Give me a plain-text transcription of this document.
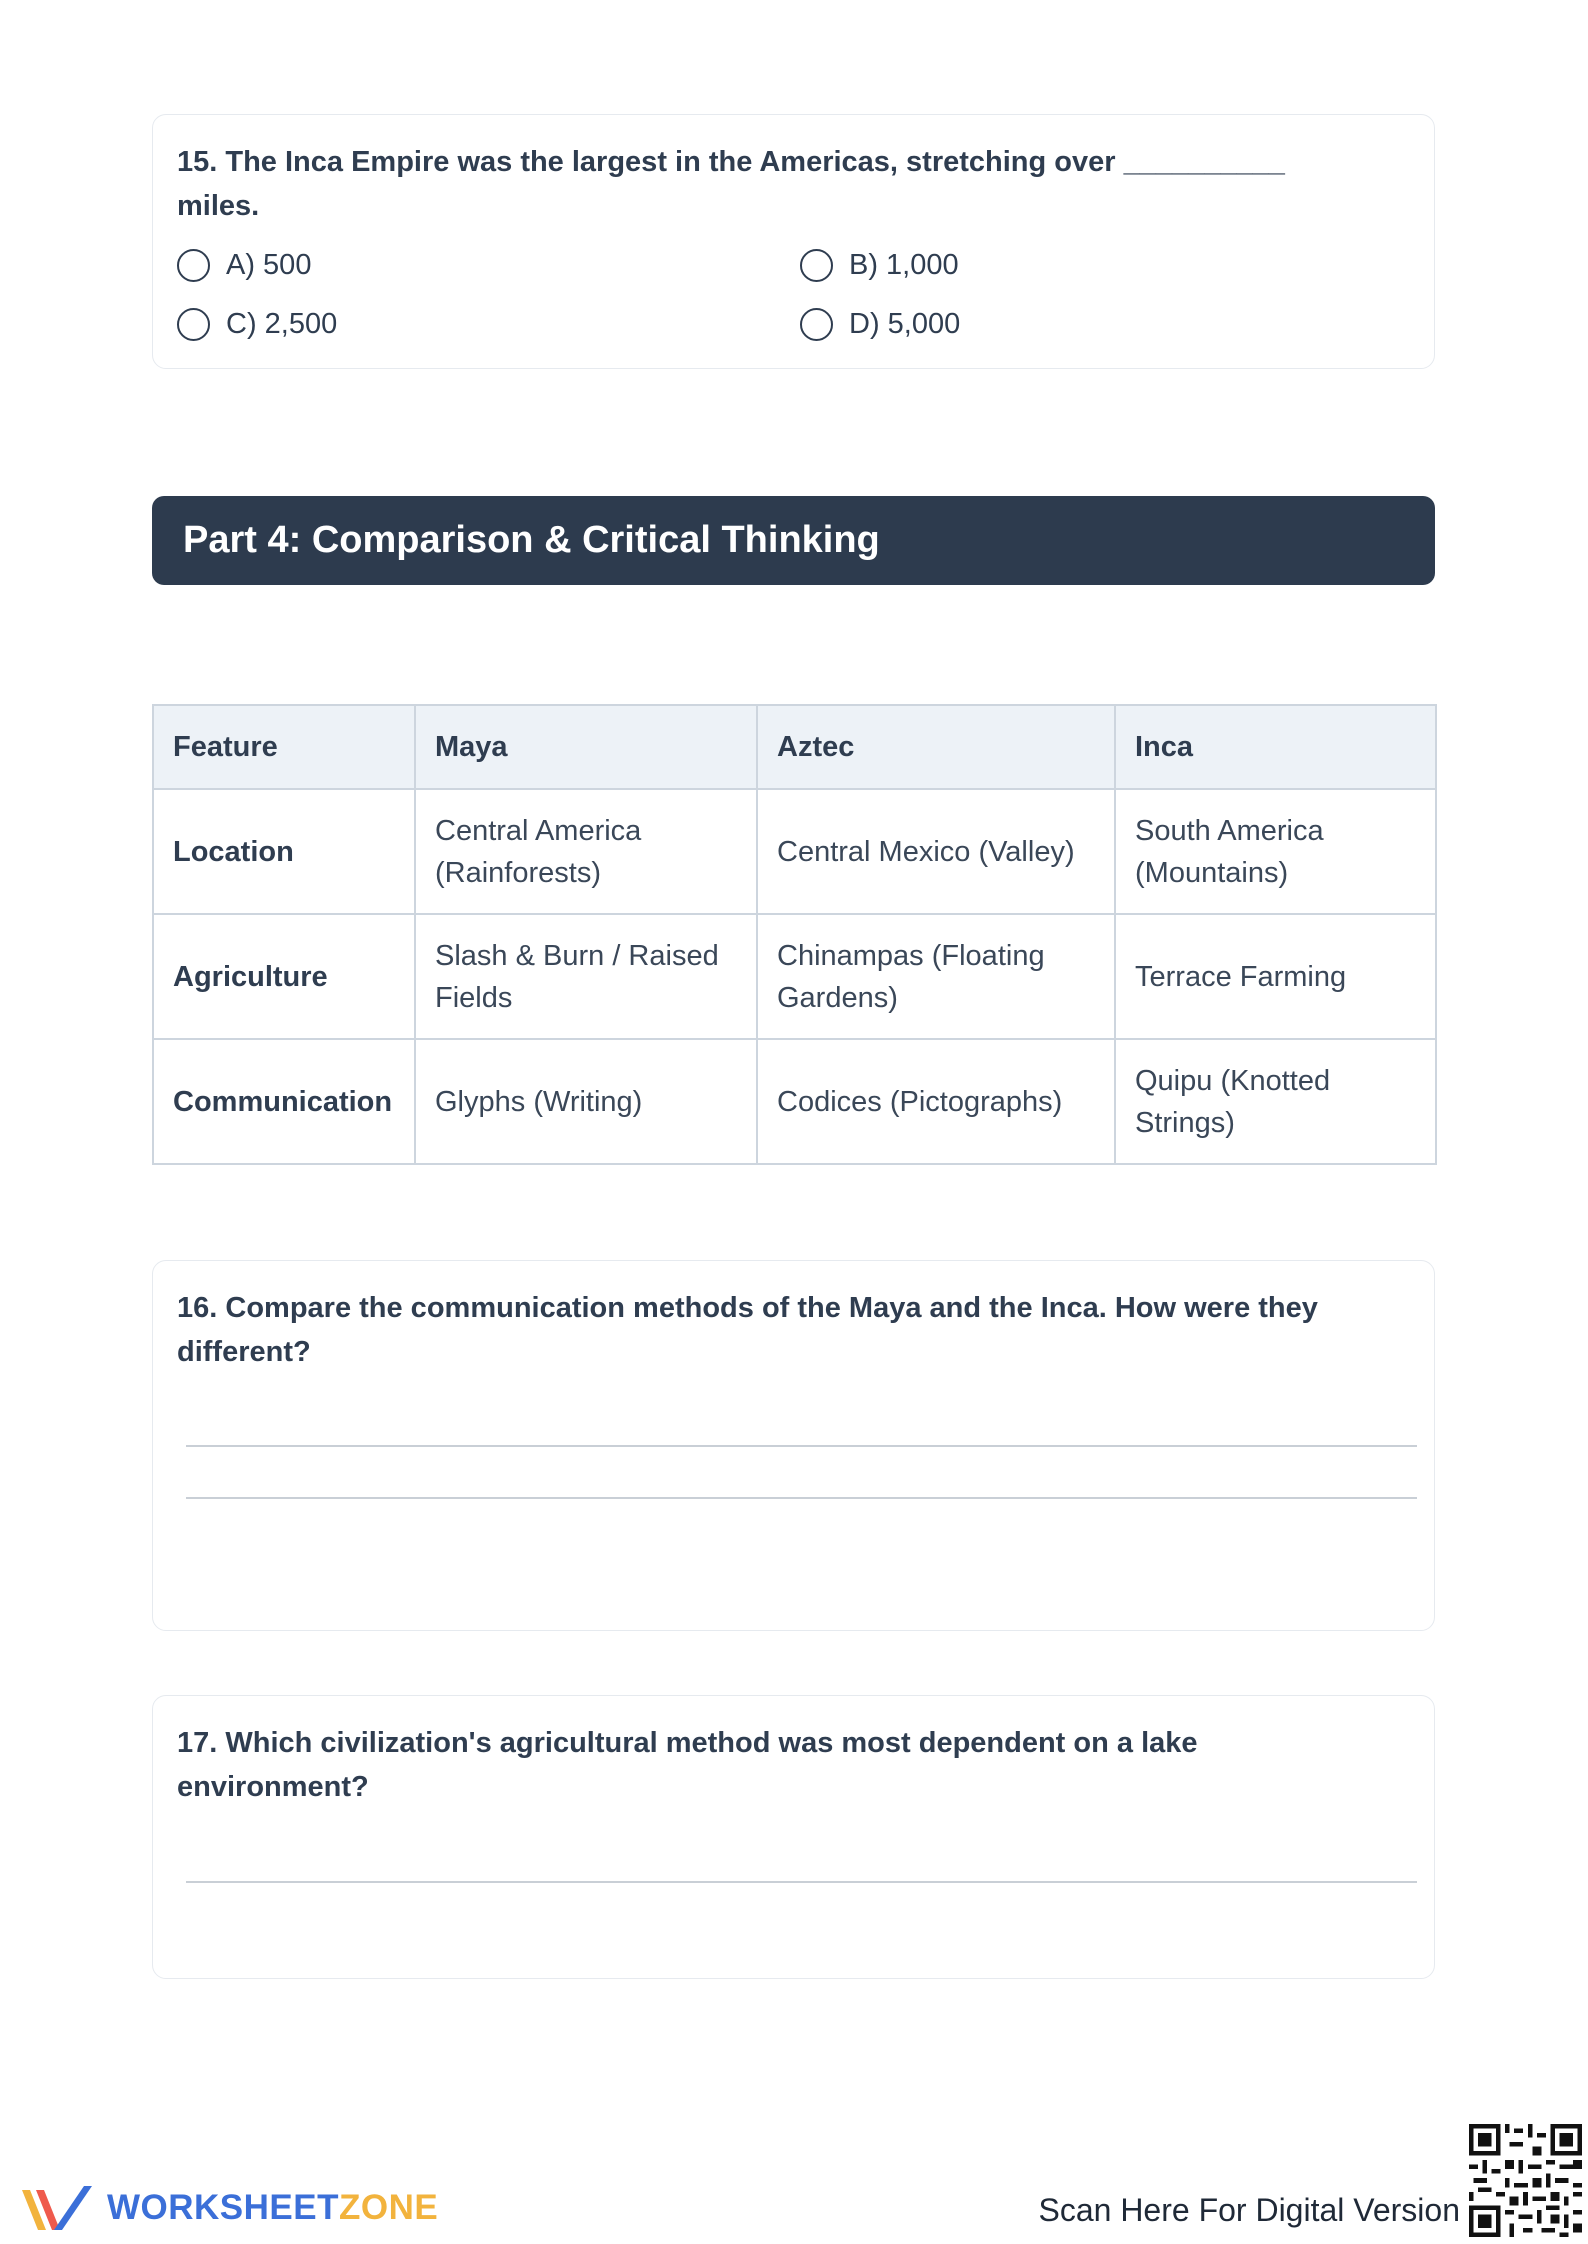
15. The Inca Empire was the largest in the Americas, stretching over __________ miles.
A) 500	B) 1,000
C) 2,500	D) 5,000
Part 4: Comparison & Critical Thinking
Feature	Maya	Aztec	Inca
Location	Central America (Rainforests)	Central Mexico (Valley)	South America (Mountains)
Agriculture	Slash & Burn / Raised Fields	Chinampas (Floating Gardens)	Terrace Farming
Communication	Glyphs (Writing)	Codices (Pictographs)	Quipu (Knotted Strings)
16. Compare the communication methods of the Maya and the Inca. How were they different?
17. Which civilization's agricultural method was most dependent on a lake environment?
WORKSHEETZONE	Scan Here For Digital Version
